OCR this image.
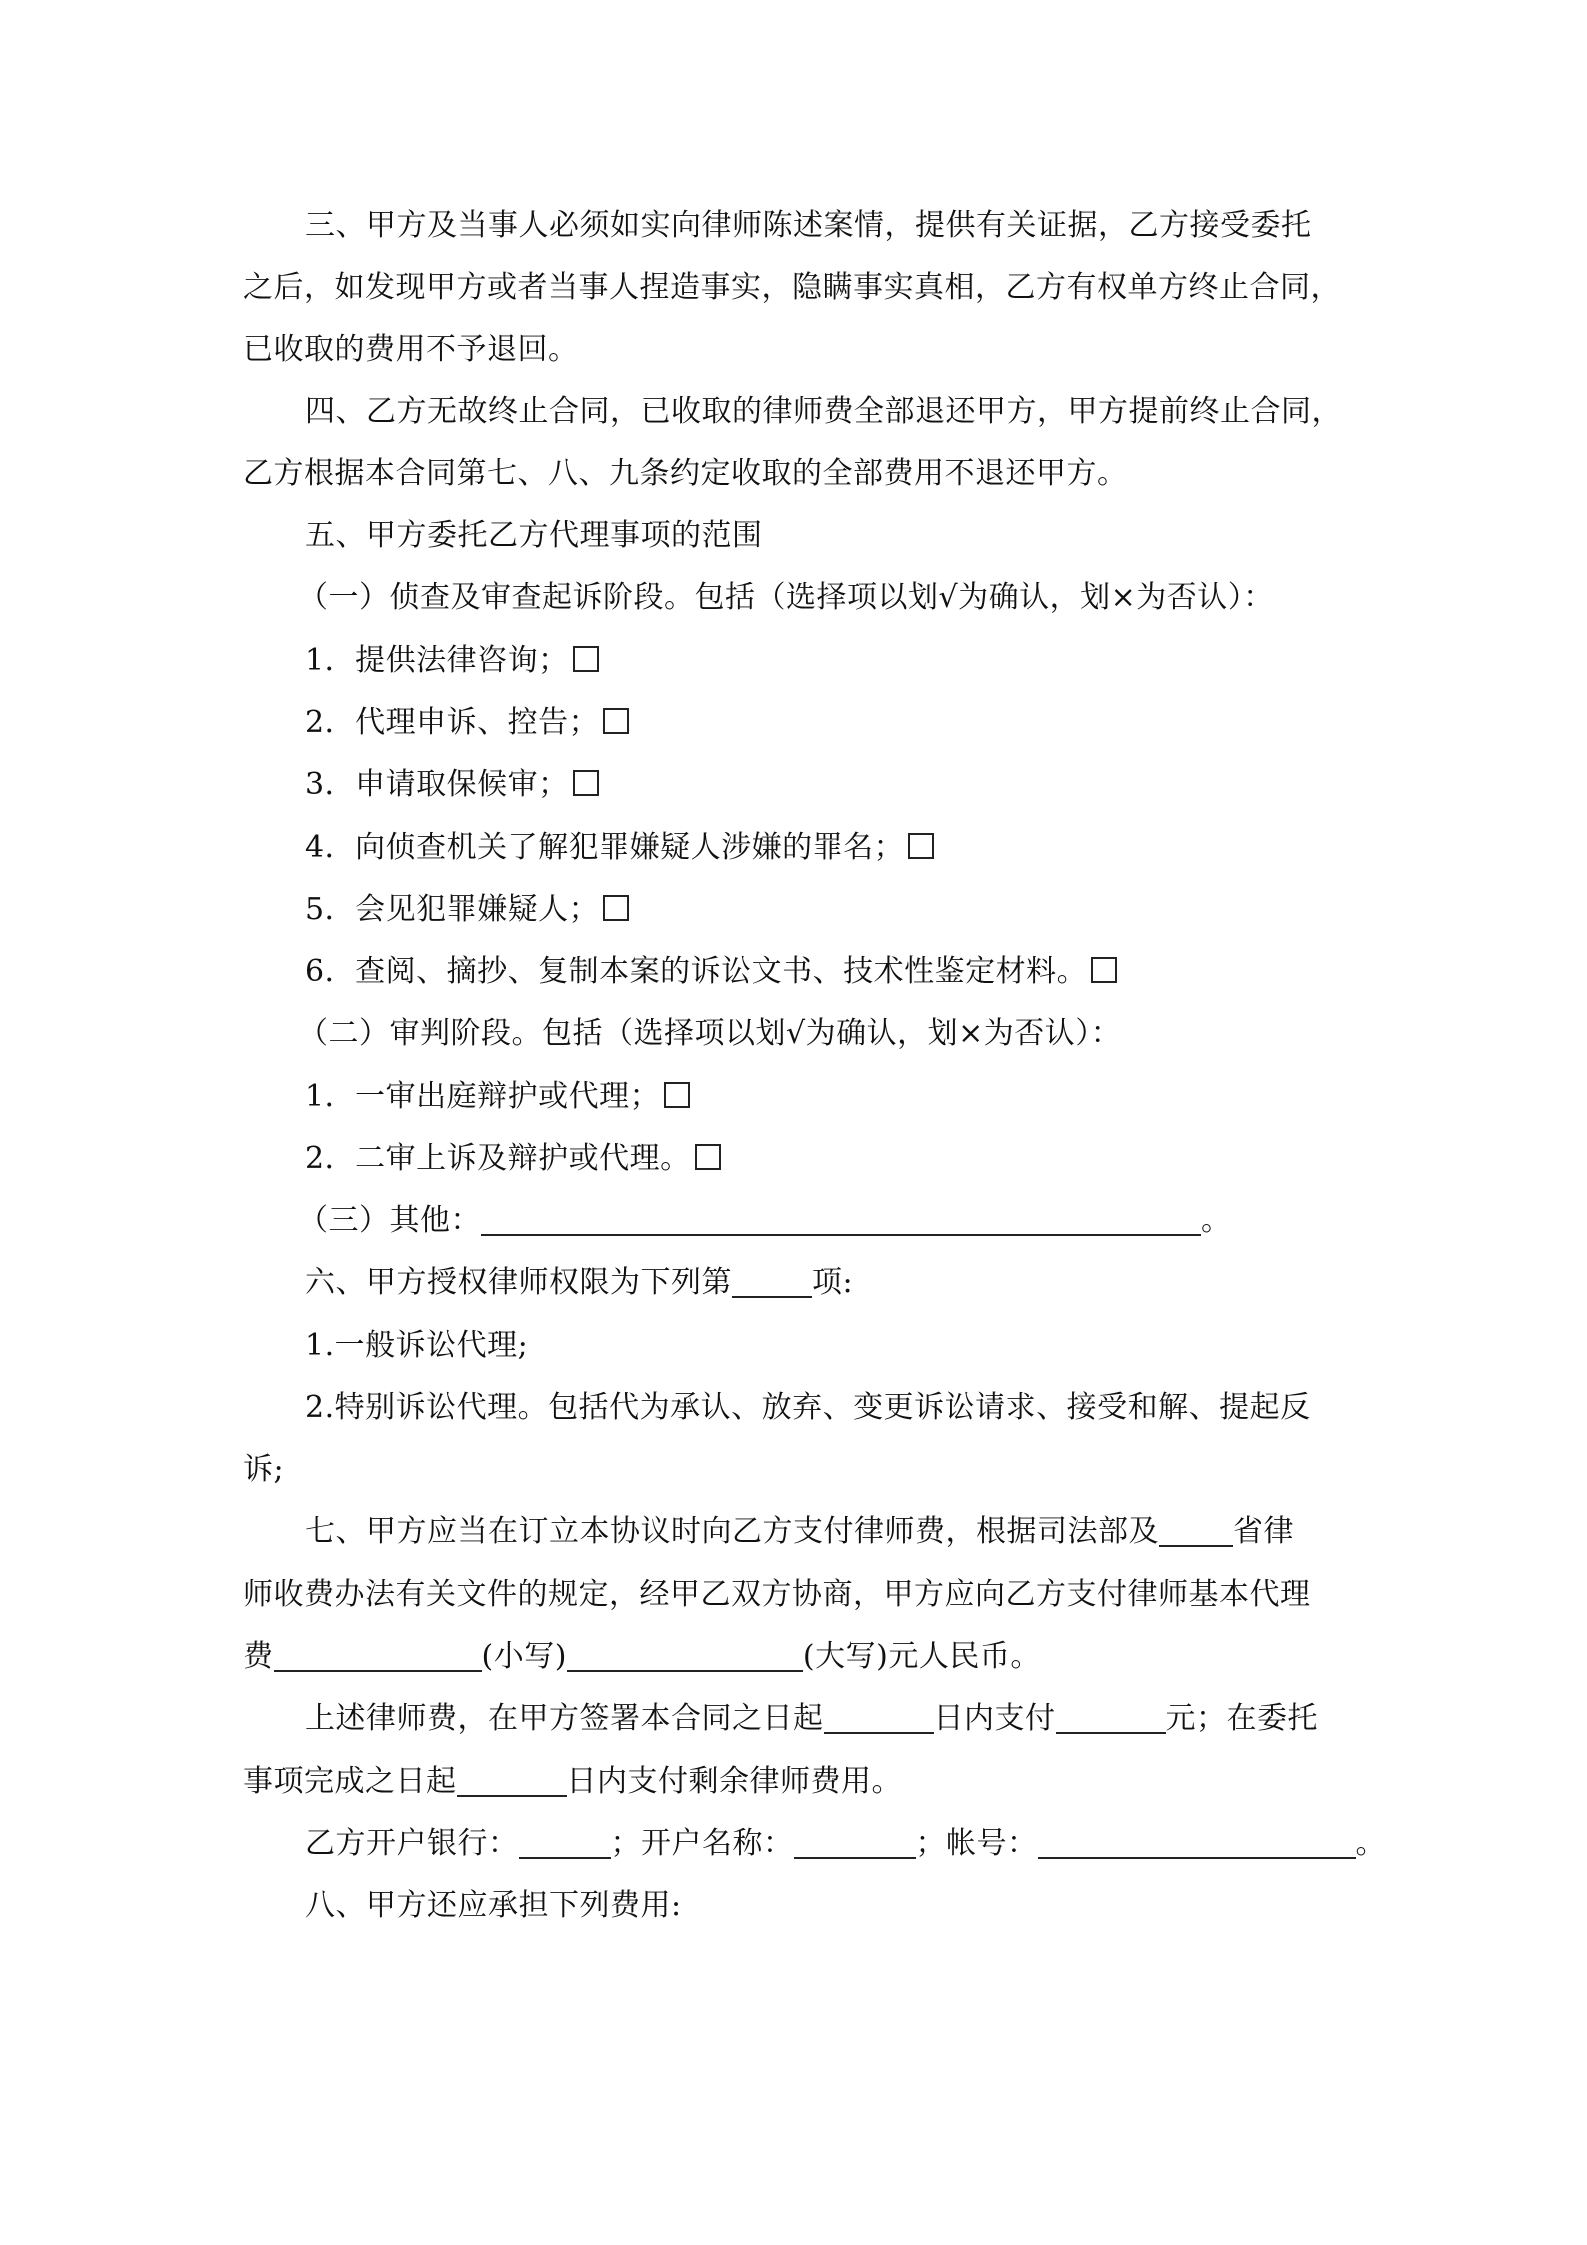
三、甲方及当事人必须如实向律师陈述案情，提供有关证据，乙方接受委托
之后，如发现甲方或者当事人捏造事实，隐瞒事实真相，乙方有权单方终止合同，
已收取的费用不予退回。
四、乙方无故终止合同，已收取的律师费全部退还甲方，甲方提前终止合同，
乙方根据本合同第七、八、九条约定收取的全部费用不退还甲方。
五、甲方委托乙方代理事项的范围
（一）侦查及审查起诉阶段。包括（选择项以划√为确认，划×为否认）：
1．提供法律咨询；
2．代理申诉、控告；
3．申请取保候审；
4．向侦查机关了解犯罪嫌疑人涉嫌的罪名；
5．会见犯罪嫌疑人；
6．查阅、摘抄、复制本案的诉讼文书、技术性鉴定材料。
（二）审判阶段。包括（选择项以划√为确认，划×为否认）：
1．一审出庭辩护或代理；
2．二审上诉及辩护或代理。
（三）其他：	。
六、甲方授权律师权限为下列第	项:
1.一般诉讼代理;
2.特别诉讼代理。包括代为承认、放弃、变更诉讼请求、接受和解、提起反
诉;
七、甲方应当在订立本协议时向乙方支付律师费，根据司法部及 省律
师收费办法有关文件的规定，经甲乙双方协商，甲方应向乙方支付律师基本代理
费	(小写)	(大写)元人民币。
上述律师费，在甲方签署本合同之日起	日内支付	元；在委托
事项完成之日起	日内支付剩余律师费用。
乙方开户银行：	；开户名称：	；帐号：	。
八、甲方还应承担下列费用:
